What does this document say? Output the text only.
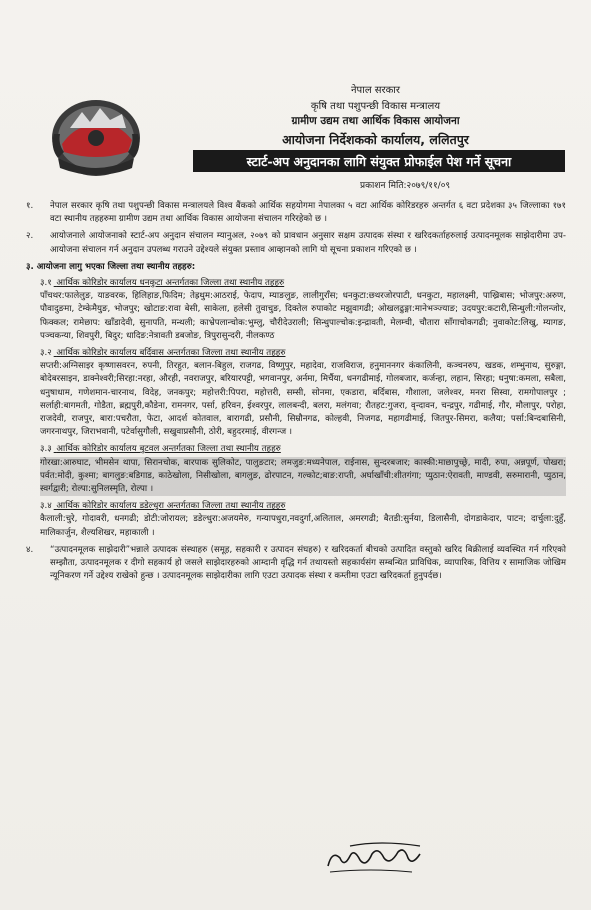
नेपाल सरकार
कृषि तथा पशुपन्छी विकास मन्त्रालय
ग्रामीण उद्यम तथा आर्थिक विकास आयोजना
आयोजना निर्देशकको कार्यालय, ललितपुर
स्टार्ट-अप अनुदानका लागि संयुक्त प्रोफाईल पेश गर्ने सूचना
प्रकाशन मिति:२०७९/११/०९
१.	नेपाल सरकार कृषि तथा पशुपन्छी विकास मन्त्रालयले विश्व बैंकको आर्थिक सहयोगमा नेपालका ५ वटा आर्थिक कोरिडरहरु अन्तर्गत ६ वटा प्रदेशका ३५ जिल्लाका १७१ वटा स्थानीय तहहरुमा ग्रामीण उद्यम तथा आर्थिक विकास आयोजना संचालन गरिरहेको छ ।
२.	आयोजनाले आयोजनाको स्टार्ट-अप अनुदान संचालन म्यानुअल, २०७९ को प्रावधान अनुसार सक्षम उत्पादक संस्था र खरिदकर्ताहरुलाई उत्पादनमूलक साझेदारीमा उप-आयोजना संचालन गर्न अनुदान उपलब्ध गराउने उद्देश्यले संयुक्त प्रस्ताव आव्हानको लागि यो सूचना प्रकाशन गरिएको छ ।
३. आयोजना लागु भएका जिल्ला तथा स्थानीय तहहरु:
३.१ आर्थिक कोरिडोर कार्यालय धनकुटा अन्तर्गतका जिल्ला तथा स्थानीय तहहरु
पाँचथर:फालेलुङ, याङवरक, हिलिहाङ,फिदिम; तेह्रथुम:आठराई, फेदाप, म्याङलुङ, लालीगुराँस; धनकुटा:छथरजोरपाटी, धनकुटा, महालक्ष्मी, पाख्रिबास; भोजपुर:अरुण, पौवादुङमा, टेम्केमैयुङ, भोजपुर; खोटाङ:रावा बेसी, साकेला, हलेसी तुवाचुङ, दिक्तेल रुपाकोट मझुवागढी; ओखलढुङ्गा:मानेभञ्ज्याङ; उदयपुर:कटारी,सिन्धुली:गोलन्जोर, फिक्कल; रामेछाप: खाँडादेवी, सुनापति, मन्थली; काभ्रेपलान्चोक:भुम्लु, चौरीदेउराली; सिन्धुपाल्चोक:इन्द्रावती, मेलम्ची, चौतारा साँगाचोकगढी; नुवाकोट:लिखु, म्यागङ, पञ्चकन्या, शिवपुरी, बिदुर; धादिङ:नेत्रावती डबजोङ, त्रिपुरासुन्दरी, नीलकण्ठ
३.२ आर्थिक कोरिडोर कार्यालय बर्दिवास अन्तर्गतका जिल्ला तथा स्थानीय तहहरु
सप्तरी:अग्निसाइर कृष्णासवरन, रुपनी, तिरहुत, बलान-बिहुल, राजगढ, विष्णुपुर, महादेवा, राजविराज, हनुमाननगर कंकालिनी, कञ्चनरुप, खडक, शम्भुनाथ, सुरुङ्गा, बोदेबरसाइन, डाक्नेश्वरी;सिरहा:नरहा, औरही, नवराजपुर, बरियारपट्टी, भगवानपुर, अर्नमा, मिर्चैया, धनगढीमाई, गोलबजार, कर्जन्हा, लहान, सिरहा; धनुषा:कमला, सबैला, धनुषाधाम, गणेशमान-चारनाथ, विदेह, जनकपुर; महोत्तरी:पिपरा, महोत्तरी, सम्सी, सोनमा, एकडारा, बर्दिबास, गौशाला, जलेश्वर, मनरा सिस्वा, रामगोपालपुर ; सर्लाही:बागमती, गोडैता, ब्रह्मपुरी,कौडेना, रामनगर, पर्सा, हरिवन, ईश्वरपुर, लालबन्दी, बलरा, मलंगवा; रौतहट:गुजरा, वृन्दावन, चन्द्रपुर, गढीमाई, गौर, मौलापुर, परोहा, राजदेवी, राजपुर, बारा:पचरौता, फेटा, आदर्श कोतवाल, बारागढी, प्रसौनी, सिम्रौनगढ, कोल्हवी, निजगढ, महागढीमाई, जितपुर-सिमरा, कलैया; पर्सा:बिन्दबासिनी, जगरनाथपुर, जिराभवानी, पटेर्वासुगौली, सखुवाप्रसौनी, ठोरी, बहुदरमाई, वीरगन्ज ।
३.३ आर्थिक कोरिडोर कार्यालय बुटवल अन्तर्गतका जिल्ला तथा स्थानीय तहहरु
गोरखा:आरुघाट, भीमसेन थापा, सिरानचोक, बारपाक सुलिकोट, पालुङटार; लमजुङ:मध्यनेपाल, राईनास, सुन्दरबजार; कास्की:माछापुच्छ्रे, मादी, रुपा, अन्नपूर्ण, पोखरा; पर्वत:मोदी, कुश्मा; बागलुङ:बडिगाड, काठेखोला, निसीखोला, बागलुङ, ढोरपाटन, गल्कोट;बाङ:राप्ती, अर्घाखाँची:शीतगंगा; प्युठान:ऐरावती, माण्डवी, सरुमारानी, प्युठान, स्वर्गद्वारी; रोल्पा:सुनिलस्मृति, रोल्पा ।
३.४ आर्थिक कोरिडोर कार्यालय डडेल्धुरा अन्तर्गतका जिल्ला तथा स्थानीय तहहरु
कैलाली:चुरे, गोदावरी, धनगढी; डोटी:जोरायल; डडेल्धुरा:अजयमेरु, गन्यापधुरा,नवदुर्गा,अलिताल, अमरगढी; बैतडी:सुर्नया, डिलासैनी, दोगडाकेदार, पाटन; दार्चुला:दुहुँ, मालिकार्जुन, शैल्यशिखर, महाकाली ।
४.	“उत्पादनमूलक साझेदारी”भन्नाले उत्पादक संस्थाहरु (समूह, सहकारी र उत्पादन संघहरु) र खरिदकर्ता बीचको उत्पादित वस्तुको खरिद बिक्रीलाई व्यवस्थित गर्न गरिएको सम्झौता, उत्पादनमूलक र दीगो सहकार्य हो जसले साझेदारहरुको आम्दानी वृद्धि गर्न तथायस्तो सहकार्यसंग सम्बन्धित प्राविधिक, व्यापारिक, वित्तिय र सामाजिक जोखिम न्यूनिकरण गर्ने उद्देश्य राखेको हुन्छ । उत्पादनमूलक साझेदारीका लागि एउटा उत्पादक संस्था र कम्तीमा एउटा खरिदकर्ता हुनुपर्दछ।
